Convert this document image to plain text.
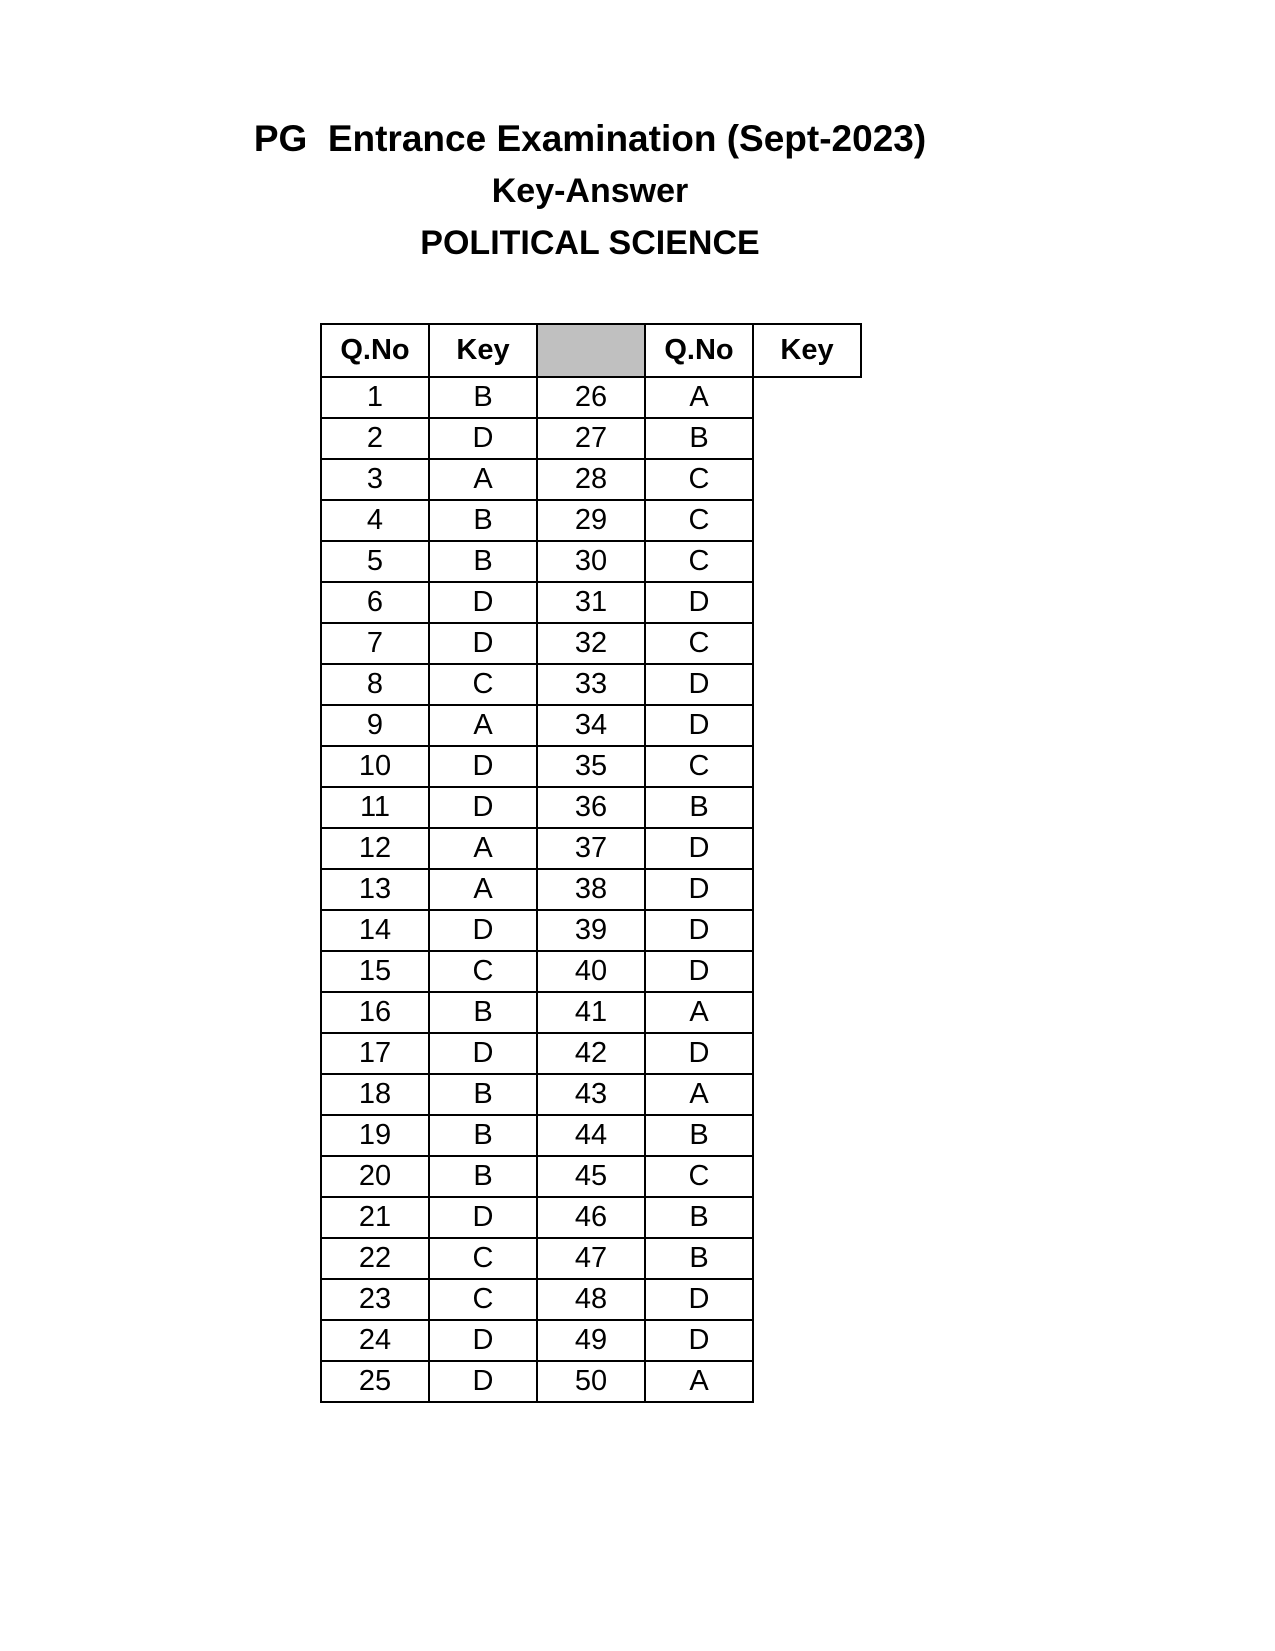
PG  Entrance Examination (Sept-2023)
Key-Answer
POLITICAL SCIENCE
Q.No	Key		Q.No	Key
1	B	26	A	
2	D	27	B	
3	A	28	C	
4	B	29	C	
5	B	30	C	
6	D	31	D	
7	D	32	C	
8	C	33	D	
9	A	34	D	
10	D	35	C	
11	D	36	B	
12	A	37	D	
13	A	38	D	
14	D	39	D	
15	C	40	D	
16	B	41	A	
17	D	42	D	
18	B	43	A	
19	B	44	B	
20	B	45	C	
21	D	46	B	
22	C	47	B	
23	C	48	D	
24	D	49	D	
25	D	50	A	
